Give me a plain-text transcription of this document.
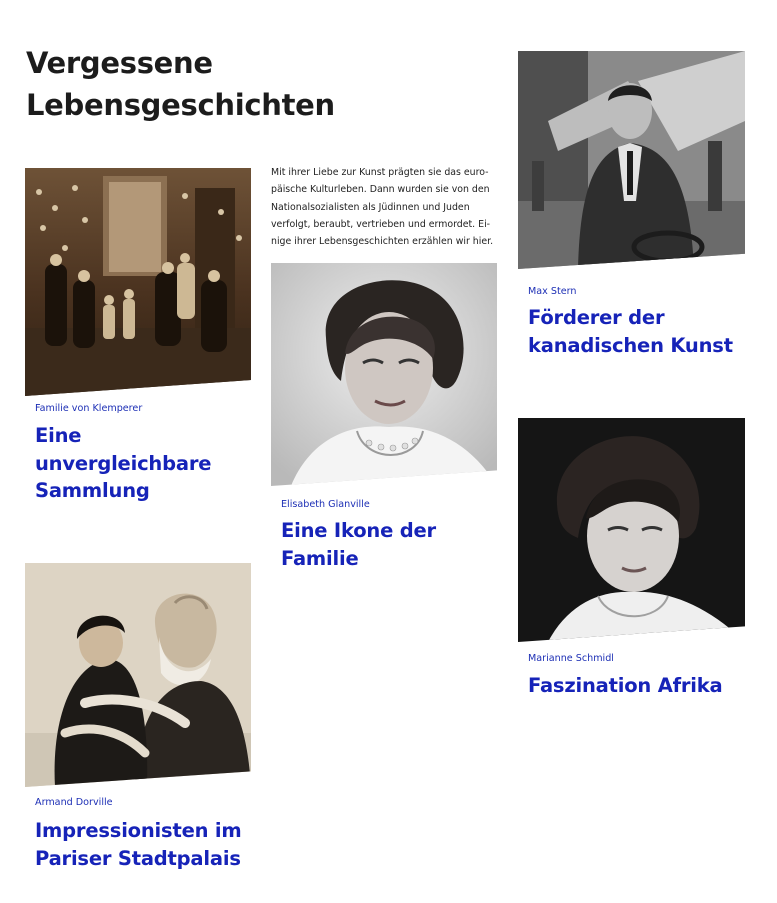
Vergessene
Lebensgeschichten

Mit ihrer Liebe zur Kunst prägten sie das euro-
päische Kulturleben. Dann wurden sie von den
Nationalsozialisten als Jüdinnen und Juden
verfolgt, beraubt, vertrieben und ermordet. Ei-
nige ihrer Lebensgeschichten erzählen wir hier.

Familie von Klemperer

Eine
unvergleichbare
Sammlung

Elisabeth Glanville

Eine Ikone der
Familie

Max Stern

Förderer der
kanadischen Kunst

Marianne Schmidl

Faszination Afrika

Armand Dorville

Impressionisten im
Pariser Stadtpalais
